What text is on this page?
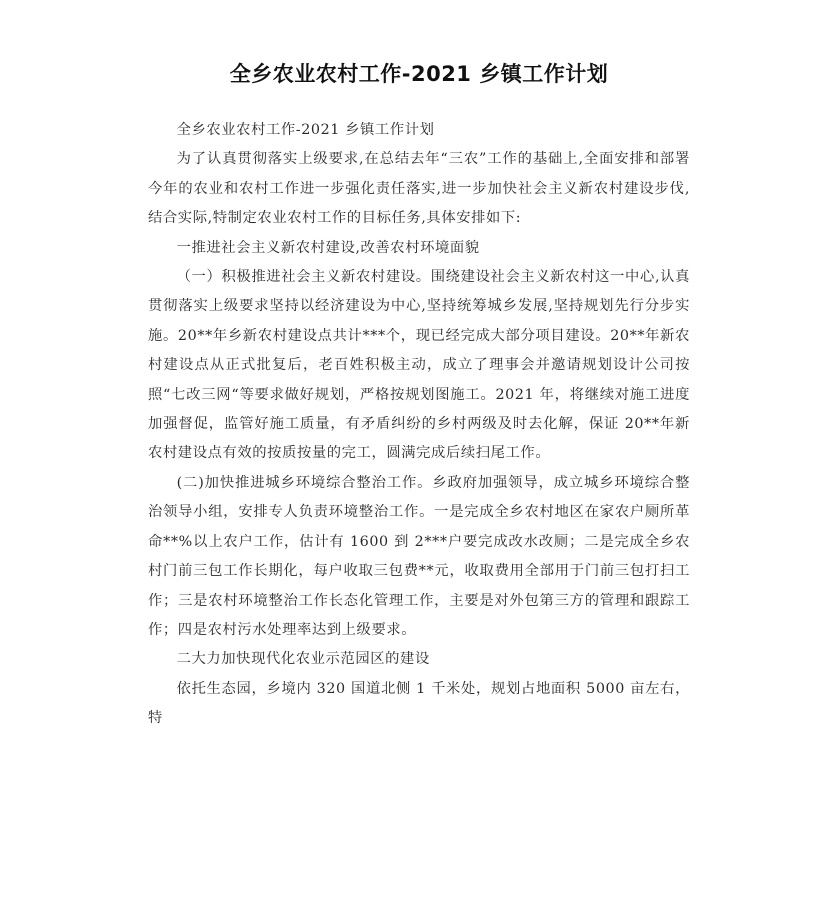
全乡农业农村工作-2021 乡镇工作计划

全乡农业农村工作-2021 乡镇工作计划

为了认真贯彻落实上级要求,在总结去年“三农”工作的基础上,全面安排和部署今年的农业和农村工作进一步强化责任落实,进一步加快社会主义新农村建设步伐,结合实际,特制定农业农村工作的目标任务,具体安排如下:

一推进社会主义新农村建设,改善农村环境面貌

（一）积极推进社会主义新农村建设。围绕建设社会主义新农村这一中心,认真贯彻落实上级要求坚持以经济建设为中心,坚持统筹城乡发展,坚持规划先行分步实施。20**年乡新农村建设点共计***个，现已经完成大部分项目建设。20**年新农村建设点从正式批复后，老百姓积极主动，成立了理事会并邀请规划设计公司按照“七改三网“等要求做好规划，严格按规划图施工。2021 年，将继续对施工进度加强督促，监管好施工质量，有矛盾纠纷的乡村两级及时去化解，保证 20**年新农村建设点有效的按质按量的完工，圆满完成后续扫尾工作。

(二)加快推进城乡环境综合整治工作。乡政府加强领导，成立城乡环境综合整治领导小组，安排专人负责环境整治工作。一是完成全乡农村地区在家农户厕所革命**%以上农户工作，估计有 1600 到 2***户要完成改水改厕；二是完成全乡农村门前三包工作长期化，每户收取三包费**元，收取费用全部用于门前三包打扫工作；三是农村环境整治工作长态化管理工作，主要是对外包第三方的管理和跟踪工作；四是农村污水处理率达到上级要求。

二大力加快现代化农业示范园区的建设

依托生态园，乡境内 320 国道北侧 1 千米处，规划占地面积 5000 亩左右，特
